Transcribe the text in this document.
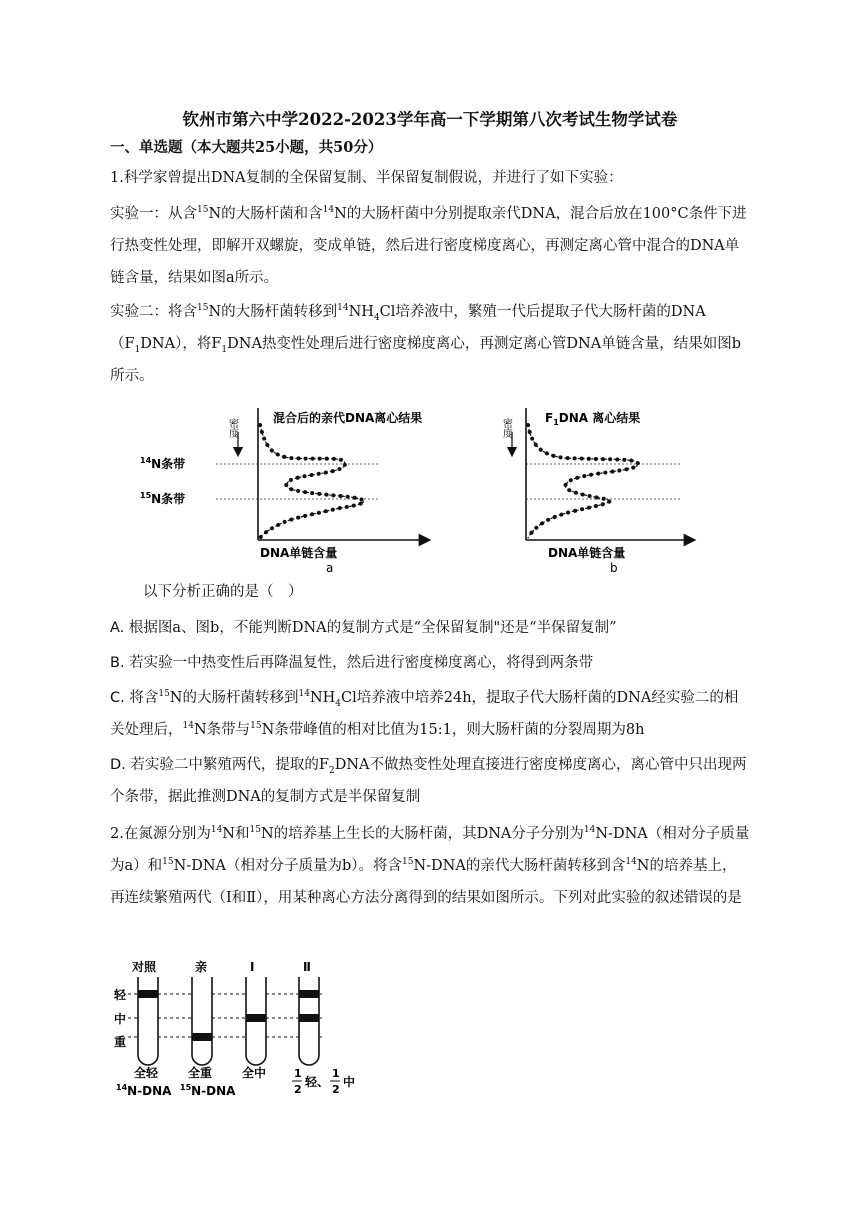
钦州市第六中学2022-2023学年高一下学期第八次考试生物学试卷
一、单选题（本大题共25小题，共50分）

1.科学家曾提出DNA复制的全保留复制、半保留复制假说，并进行了如下实验：

实验一：从含$^{15}$N的大肠杆菌和含$^{14}$N的大肠杆菌中分别提取亲代DNA，混合后放在100°C条件下进行热变性处理，即解开双螺旋，变成单链，然后进行密度梯度离心，再测定离心管中混合的DNA单链含量，结果如图a所示。

实验二：将含$^{15}$N的大肠杆菌转移到$^{14}NH_4Cl$培养液中，繁殖一代后提取子代大肠杆菌的$DNA(F_1DNA)$，将$F_1DNA$热变性处理后进行密度梯度离心，再测定离心管DNA单链含量，结果如图b所示。

密度	混合后的亲代DNA离心结果
DNA单链含量
a
$^{14}$N条带
$^{15}$N条带
密度	$F_1DNA$ 离心结果
DNA单链含量
b

以下分析正确的是（　）

A. 根据图a、图b，不能判断DNA的复制方式是“全保留复制"还是“半保留复制”

B. 若实验一中热变性后再降温复性，然后进行密度梯度离心，将得到两条带

C. 将含$^{15}$N的大肠杆菌转移到$^{14}NH_4Cl$培养液中培养24h，提取子代大肠杆菌的DNA经实验二的相关处理后，$^{14}$N条带与$^{15}$N条带峰值的相对比值为15:1，则大肠杆菌的分裂周期为8h

D. 若实验二中繁殖两代，提取的$F_2DNA$不做热变性处理直接进行密度梯度离心，离心管中只出现两个条带，据此推测DNA的复制方式是半保留复制

2.在氮源分别为$^{14}$N和$^{15}$N的培养基上生长的大肠杆菌，其DNA分子分别为$^{14}$N-DNA（相对分子质量为a）和$^{15}$N-DNA（相对分子质量为b）。将含$^{15}$N-DNA的亲代大肠杆菌转移到含$^{14}$N的培养基上，再连续繁殖两代（Ⅰ和Ⅱ），用某种离心方法分离得到的结果如图所示。下列对此实验的叙述错误的是

对照	亲	Ⅰ	Ⅱ
轻
中
重
全轻 全重 全中
$^{14}$N-DNA $^{15}$N-DNA
1
2
轻、
1
2
中
